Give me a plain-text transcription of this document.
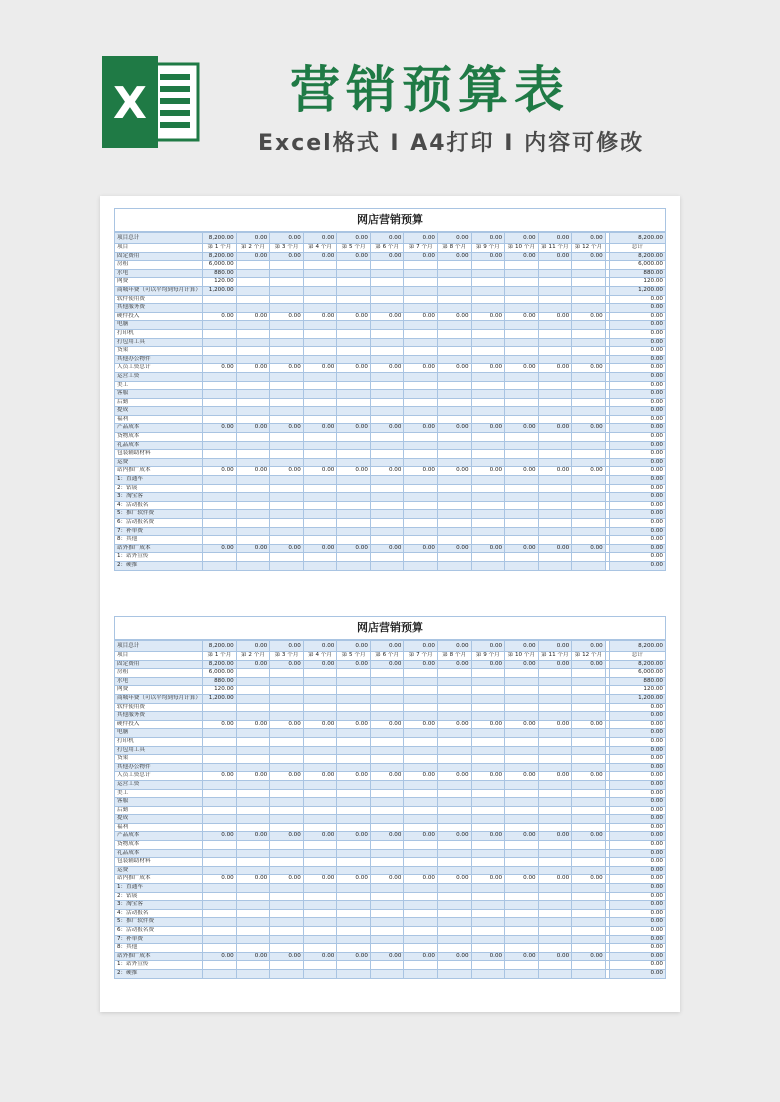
X	营销预算表
Excel格式 I A4打印 I 内容可修改
网店营销预算
项目总计	8,200.00	0.00	0.00	0.00	0.00	0.00	0.00	0.00	0.00	0.00	0.00	0.00		8,200.00
项目	第 1 个月	第 2 个月	第 3 个月	第 4 个月	第 5 个月	第 6 个月	第 7 个月	第 8 个月	第 9 个月	第 10 个月	第 11 个月	第 12 个月		总计
固定费用	8,200.00	0.00	0.00	0.00	0.00	0.00	0.00	0.00	0.00	0.00	0.00	0.00		8,200.00
房租	6,000.00													6,000.00
水电	880.00													880.00
网费	120.00													120.00
商城年费（可以平均到每月计算）	1,200.00													1,200.00
软件使用费														0.00
其他服务费														0.00
硬件投入	0.00	0.00	0.00	0.00	0.00	0.00	0.00	0.00	0.00	0.00	0.00	0.00		0.00
电脑														0.00
打印机														0.00
打包用工具														0.00
货架														0.00
其他办公物件														0.00
人员工资总计	0.00	0.00	0.00	0.00	0.00	0.00	0.00	0.00	0.00	0.00	0.00	0.00		0.00
运营工资														0.00
美工														0.00
客服														0.00
后勤														0.00
提成														0.00
福利														0.00
产品成本	0.00	0.00	0.00	0.00	0.00	0.00	0.00	0.00	0.00	0.00	0.00	0.00		0.00
货物成本														0.00
礼品成本														0.00
包装辅助材料														0.00
运费														0.00
站内推广成本	0.00	0.00	0.00	0.00	0.00	0.00	0.00	0.00	0.00	0.00	0.00	0.00		0.00
1：直通车														0.00
2：钻展														0.00
3：淘宝客														0.00
4：活动报名														0.00
5：推广软件费														0.00
6：活动报名费														0.00
7：补单费														0.00
8：其他														0.00
站外推广成本	0.00	0.00	0.00	0.00	0.00	0.00	0.00	0.00	0.00	0.00	0.00	0.00		0.00
1：站外宣传														0.00
2：硬推														0.00
网店营销预算
项目总计	8,200.00	0.00	0.00	0.00	0.00	0.00	0.00	0.00	0.00	0.00	0.00	0.00		8,200.00
项目	第 1 个月	第 2 个月	第 3 个月	第 4 个月	第 5 个月	第 6 个月	第 7 个月	第 8 个月	第 9 个月	第 10 个月	第 11 个月	第 12 个月		总计
固定费用	8,200.00	0.00	0.00	0.00	0.00	0.00	0.00	0.00	0.00	0.00	0.00	0.00		8,200.00
房租	6,000.00													6,000.00
水电	880.00													880.00
网费	120.00													120.00
商城年费（可以平均到每月计算）	1,200.00													1,200.00
软件使用费														0.00
其他服务费														0.00
硬件投入	0.00	0.00	0.00	0.00	0.00	0.00	0.00	0.00	0.00	0.00	0.00	0.00		0.00
电脑														0.00
打印机														0.00
打包用工具														0.00
货架														0.00
其他办公物件														0.00
人员工资总计	0.00	0.00	0.00	0.00	0.00	0.00	0.00	0.00	0.00	0.00	0.00	0.00		0.00
运营工资														0.00
美工														0.00
客服														0.00
后勤														0.00
提成														0.00
福利														0.00
产品成本	0.00	0.00	0.00	0.00	0.00	0.00	0.00	0.00	0.00	0.00	0.00	0.00		0.00
货物成本														0.00
礼品成本														0.00
包装辅助材料														0.00
运费														0.00
站内推广成本	0.00	0.00	0.00	0.00	0.00	0.00	0.00	0.00	0.00	0.00	0.00	0.00		0.00
1：直通车														0.00
2：钻展														0.00
3：淘宝客														0.00
4：活动报名														0.00
5：推广软件费														0.00
6：活动报名费														0.00
7：补单费														0.00
8：其他														0.00
站外推广成本	0.00	0.00	0.00	0.00	0.00	0.00	0.00	0.00	0.00	0.00	0.00	0.00		0.00
1：站外宣传														0.00
2：硬推														0.00
